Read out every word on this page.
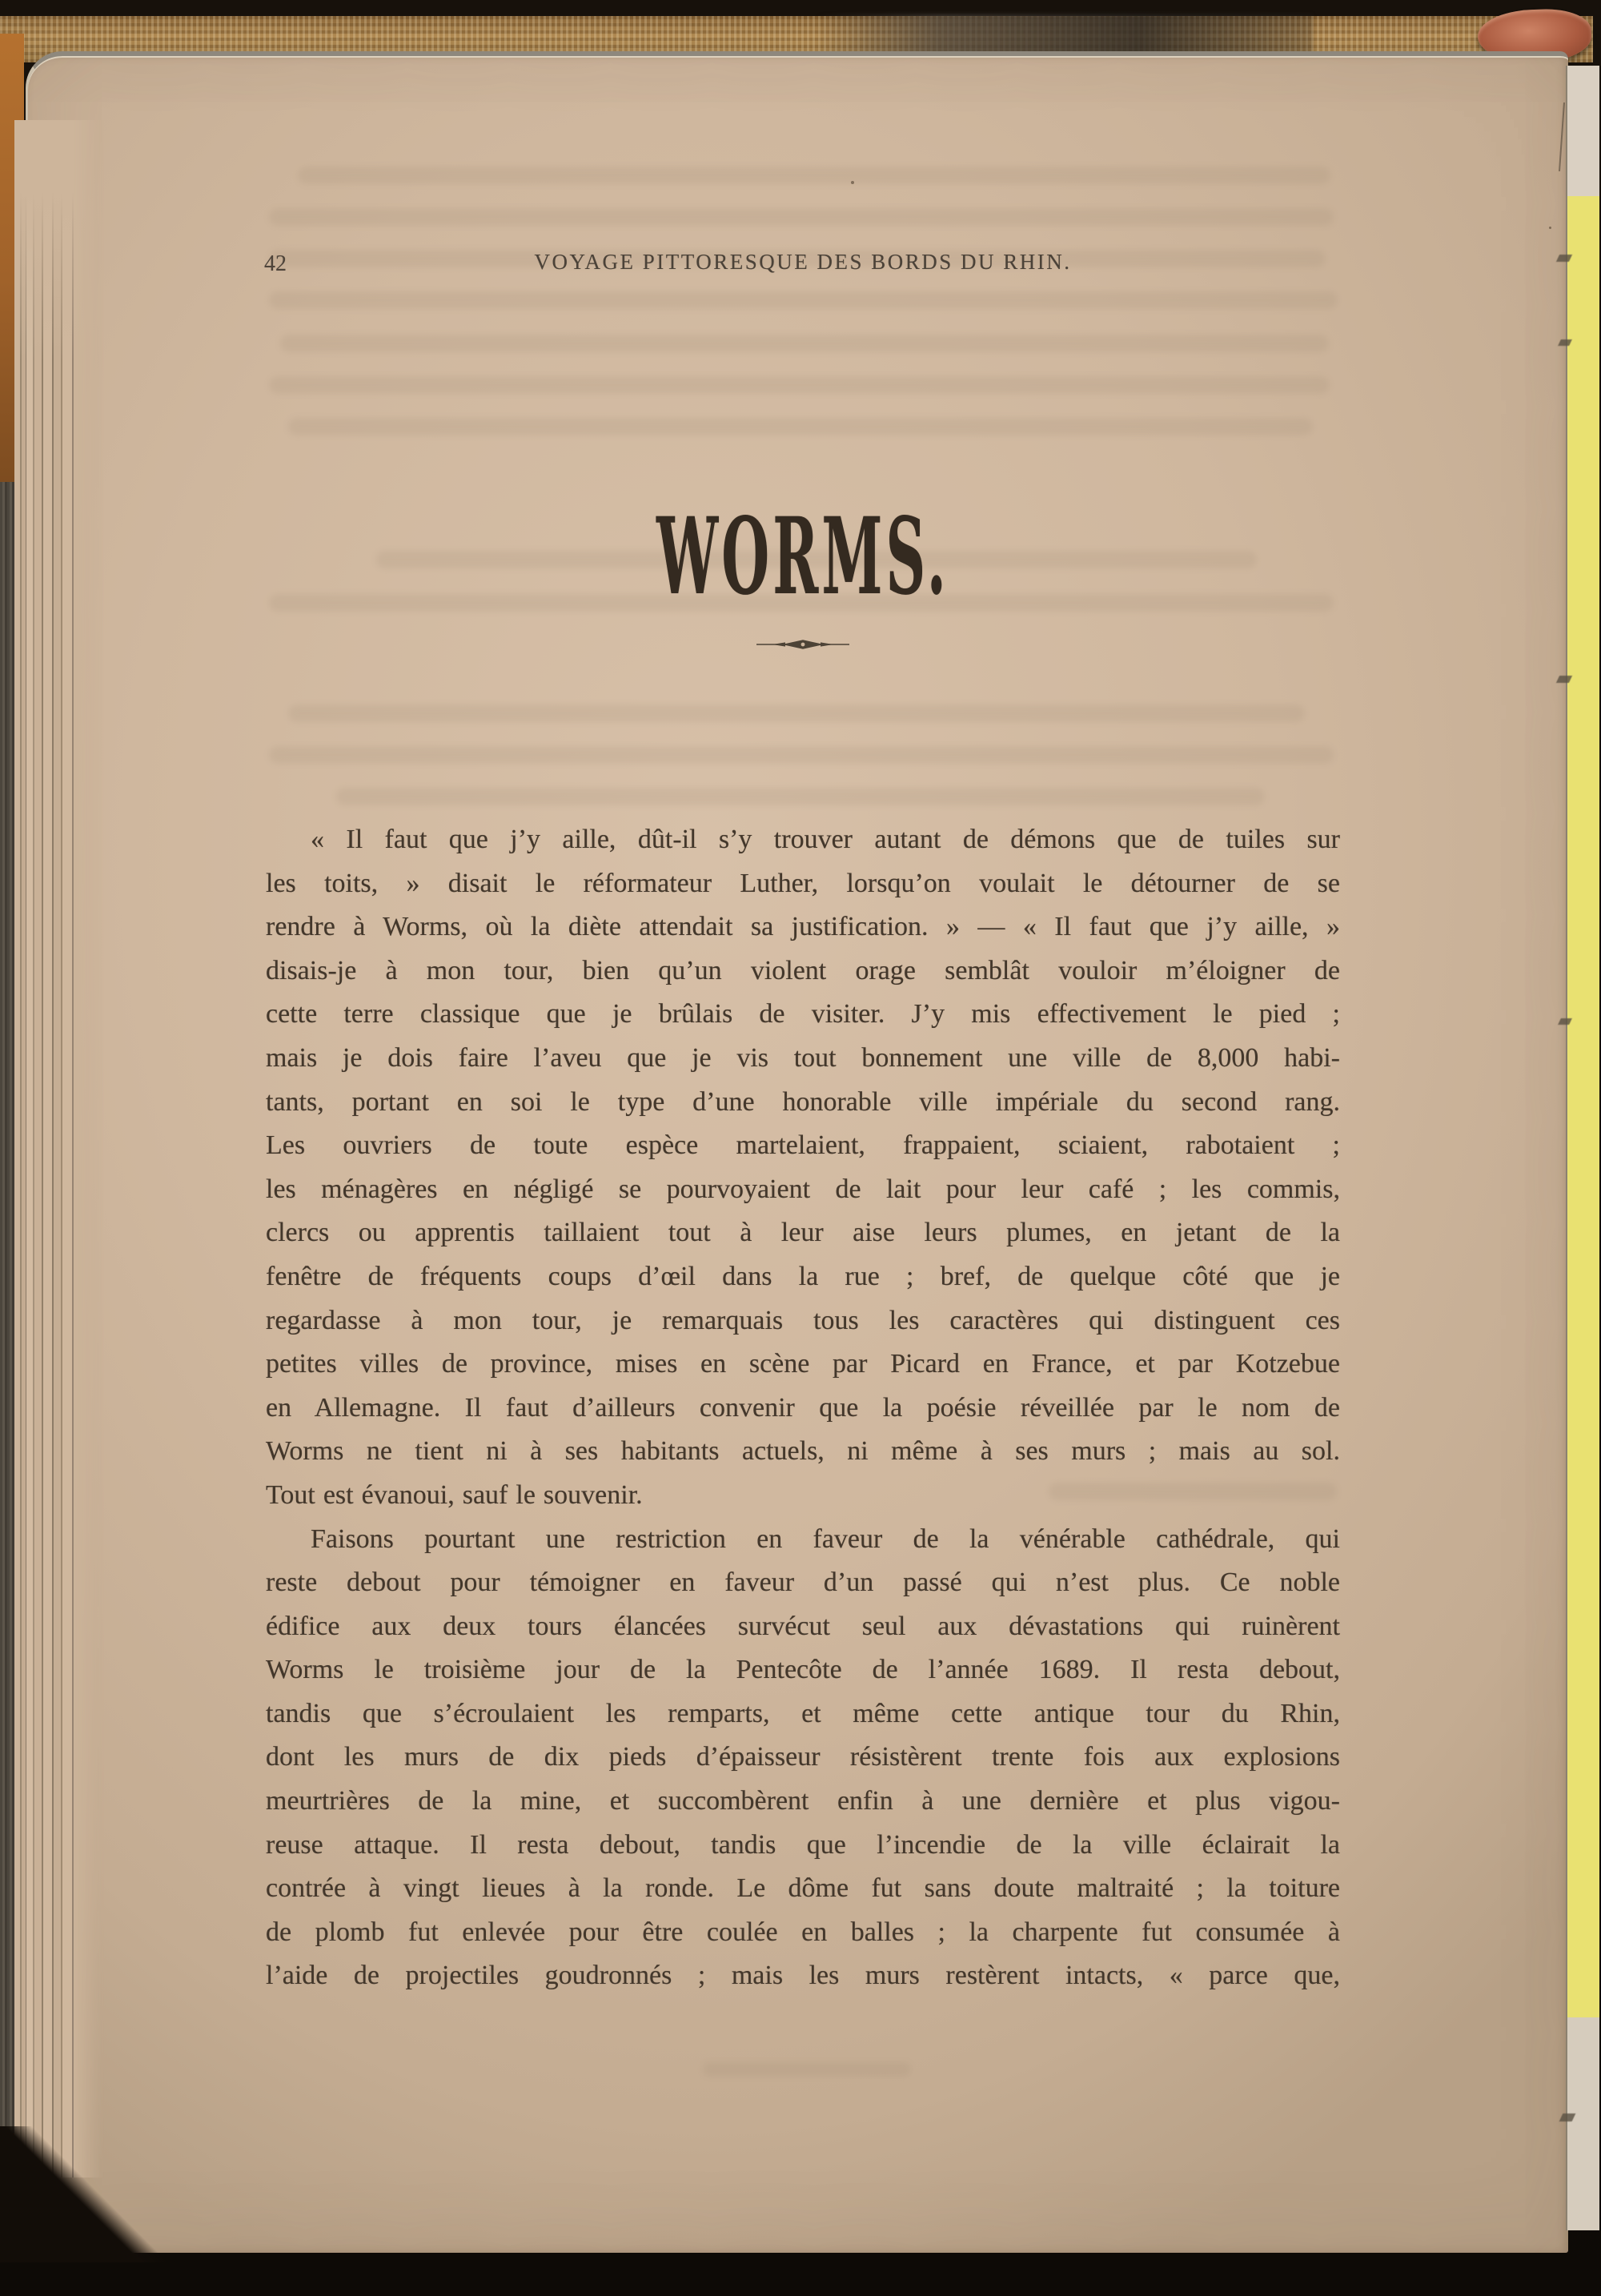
42	VOYAGE PITTORESQUE DES BORDS DU RHIN.
WORMS.
« Il faut que j’y aille, dût-il s’y trouver autant de démons que de tuiles sur
les toits, » disait le réformateur Luther, lorsqu’on voulait le détourner de se
rendre à Worms, où la diète attendait sa justification. » — « Il faut que j’y aille, »
disais-je à mon tour, bien qu’un violent orage semblât vouloir m’éloigner de
cette terre classique que je brûlais de visiter. J’y mis effectivement le pied ;
mais je dois faire l’aveu que je vis tout bonnement une ville de 8,000 habi-
tants, portant en soi le type d’une honorable ville impériale du second rang.
Les ouvriers de toute espèce martelaient, frappaient, sciaient, rabotaient ;
les ménagères en négligé se pourvoyaient de lait pour leur café ; les commis,
clercs ou apprentis taillaient tout à leur aise leurs plumes, en jetant de la
fenêtre de fréquents coups d’œil dans la rue ; bref, de quelque côté que je
regardasse à mon tour, je remarquais tous les caractères qui distinguent ces
petites villes de province, mises en scène par Picard en France, et par Kotzebue
en Allemagne. Il faut d’ailleurs convenir que la poésie réveillée par le nom de
Worms ne tient ni à ses habitants actuels, ni même à ses murs ; mais au sol.
Tout est évanoui, sauf le souvenir.
Faisons pourtant une restriction en faveur de la vénérable cathédrale, qui
reste debout pour témoigner en faveur d’un passé qui n’est plus. Ce noble
édifice aux deux tours élancées survécut seul aux dévastations qui ruinèrent
Worms le troisième jour de la Pentecôte de l’année 1689. Il resta debout,
tandis que s’écroulaient les remparts, et même cette antique tour du Rhin,
dont les murs de dix pieds d’épaisseur résistèrent trente fois aux explosions
meurtrières de la mine, et succombèrent enfin à une dernière et plus vigou-
reuse attaque. Il resta debout, tandis que l’incendie de la ville éclairait la
contrée à vingt lieues à la ronde. Le dôme fut sans doute maltraité ; la toiture
de plomb fut enlevée pour être coulée en balles ; la charpente fut consumée à
l’aide de projectiles goudronnés ; mais les murs restèrent intacts, « parce que,
